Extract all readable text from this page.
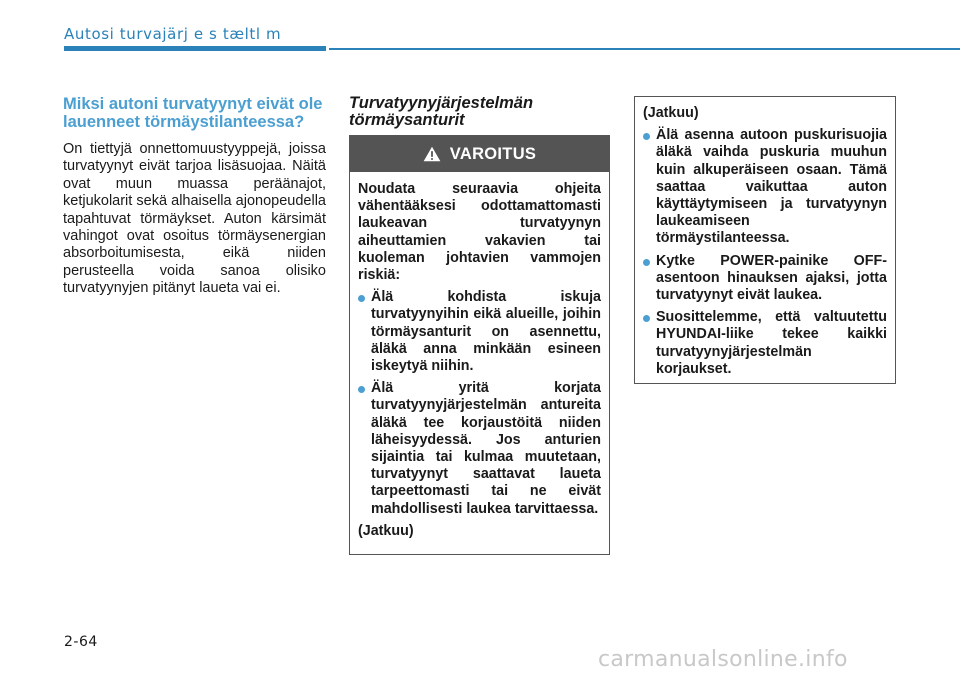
Autosi turvajärj e s tæltl m
Miksi autoni turvatyynyt eivät ole lauenneet törmäystilanteessa?

On tiettyjä onnettomuustyyppejä, joissa turvatyynyt eivät tarjoa lisäsuojaa. Näitä ovat muun muassa peräänajot, ketjukolarit sekä alhaisella ajonopeudella tapahtuvat törmäykset. Auton kärsimät vahingot ovat osoitus törmäysenergian absorboitumisesta, eikä niiden perusteella voida sanoa olisiko turvatyynyjen pitänyt laueta vai ei.

Turvatyynyjärjestelmän törmäysanturit
VAROITUS

Noudata seuraavia ohjeita vähentääksesi odottamattomasti laukeavan turvatyynyn aiheuttamien vakavien tai kuoleman johtavien vammojen riskiä:

Älä kohdista iskuja turvatyynyihin eikä alueille, joihin törmäysanturit on asennettu, äläkä anna minkään esineen iskeytyä niihin.
Älä yritä korjata turvatyynyjärjestelmän antureita äläkä tee korjaustöitä niiden läheisyydessä. Jos anturien sijaintia tai kulmaa muutetaan, turvatyynyt saattavat laueta tarpeettomasti tai ne eivät mahdollisesti laukea tarvittaessa.

(Jatkuu)

(Jatkuu)

Älä asenna autoon puskurisuojia äläkä vaihda puskuria muuhun kuin alkuperäiseen osaan. Tämä saattaa vaikuttaa auton käyttäytymiseen ja turvatyynyn laukeamiseen törmäystilanteessa.
Kytke POWER-painike OFF-asentoon hinauksen ajaksi, jotta turvatyynyt eivät laukea.
Suosittelemme, että valtuutettu HYUNDAI-liike tekee kaikki turvatyynyjärjestelmän korjaukset.
2-64
carmanualsonline.info
